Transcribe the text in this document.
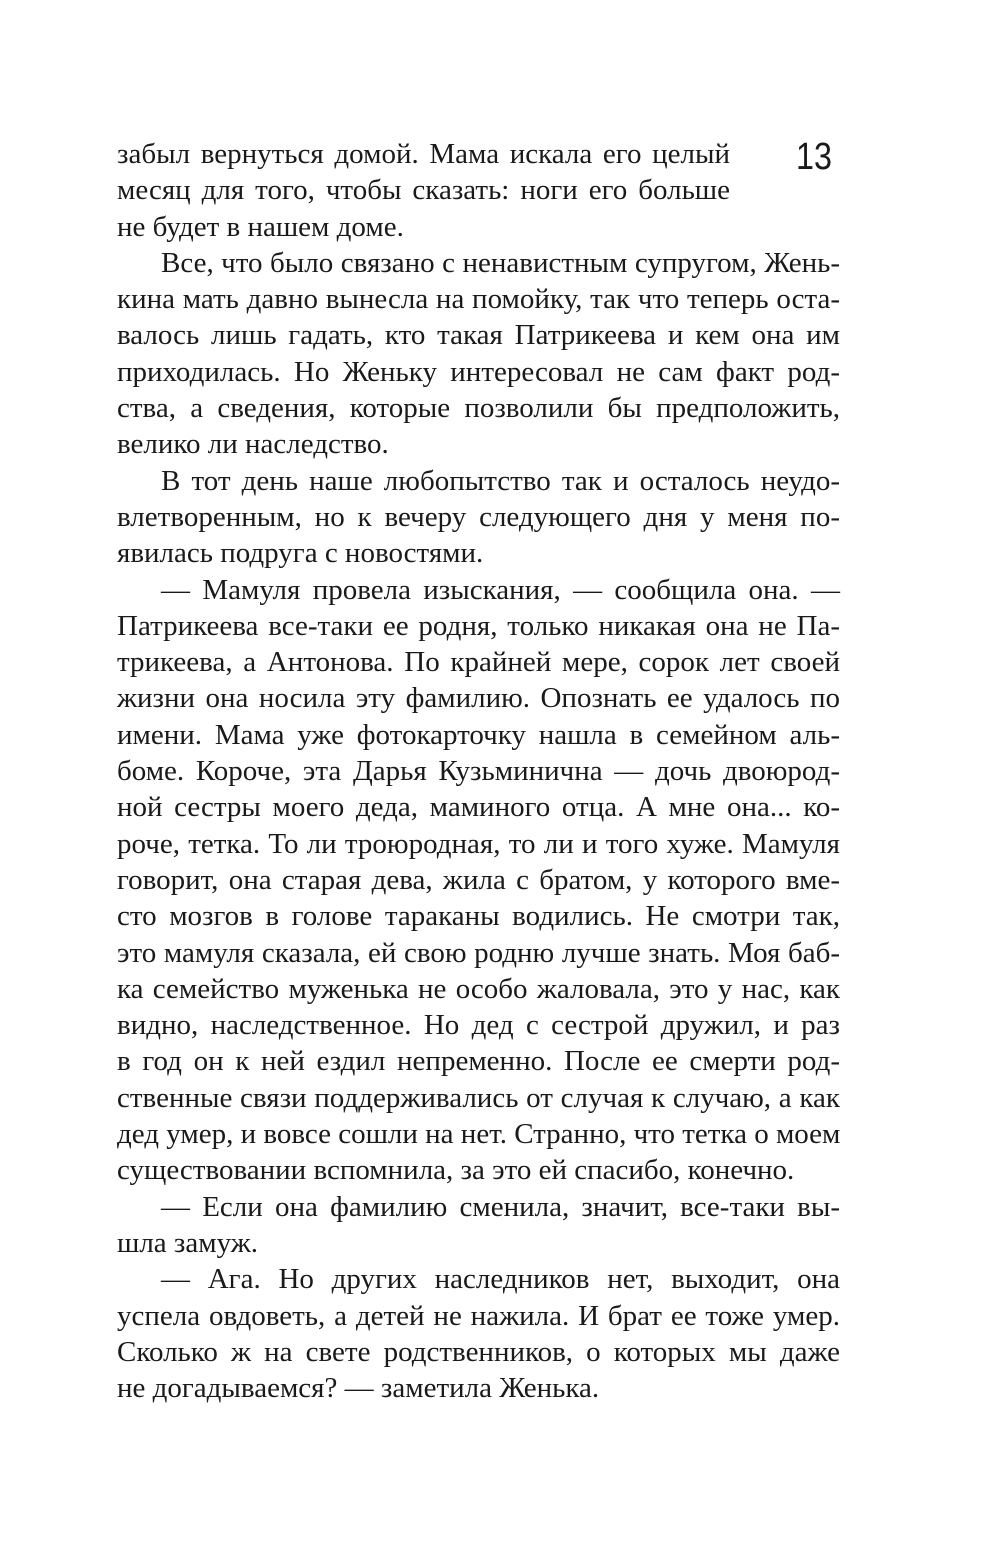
13
забыл вернуться домой. Мама искала его целый
месяц для того, чтобы сказать: ноги его больше
не будет в нашем доме.
Все, что было связано с ненавистным супругом, Жень-
кина мать давно вынесла на помойку, так что теперь оста-
валось лишь гадать, кто такая Патрикеева и кем она им
приходилась. Но Женьку интересовал не сам факт род-
ства, а сведения, которые позволили бы предположить,
велико ли наследство.
В тот день наше любопытство так и осталось неудо-
влетворенным, но к вечеру следующего дня у меня по-
явилась подруга с новостями.
— Мамуля провела изыскания, — сообщила она. —
Патрикеева все-таки ее родня, только никакая она не Па-
трикеева, а Антонова. По крайней мере, сорок лет своей
жизни она носила эту фамилию. Опознать ее удалось по
имени. Мама уже фотокарточку нашла в семейном аль-
боме. Короче, эта Дарья Кузьминична — дочь двоюрод-
ной сестры моего деда, маминого отца. А мне она... ко-
роче, тетка. То ли троюродная, то ли и того хуже. Мамуля
говорит, она старая дева, жила с братом, у которого вме-
сто мозгов в голове тараканы водились. Не смотри так,
это мамуля сказала, ей свою родню лучше знать. Моя баб-
ка семейство муженька не особо жаловала, это у нас, как
видно, наследственное. Но дед с сестрой дружил, и раз
в год он к ней ездил непременно. После ее смерти род-
ственные связи поддерживались от случая к случаю, а как
дед умер, и вовсе сошли на нет. Странно, что тетка о моем
существовании вспомнила, за это ей спасибо, конечно.
— Если она фамилию сменила, значит, все-таки вы-
шла замуж.
— Ага. Но других наследников нет, выходит, она
успела овдоветь, а детей не нажила. И брат ее тоже умер.
Сколько ж на свете родственников, о которых мы даже
не догадываемся? — заметила Женька.
